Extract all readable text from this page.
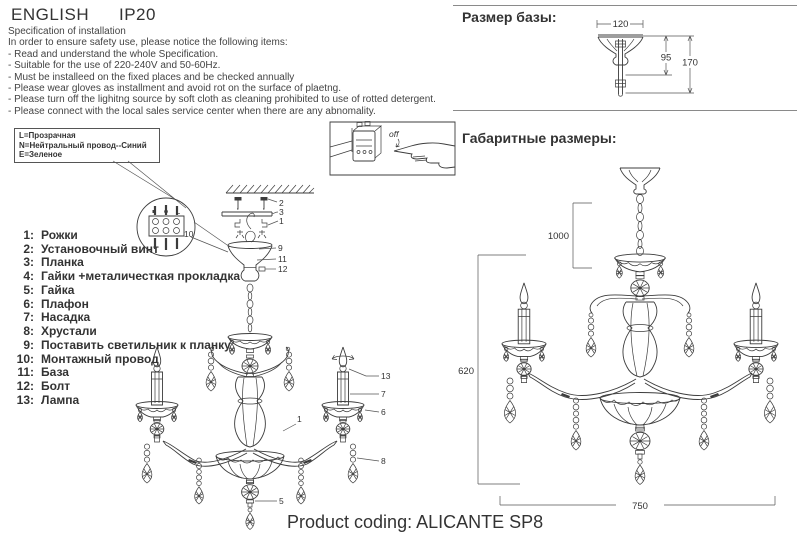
ENGLISH IP20
Specification of installation
In order to ensure safety use, please notice the following items:
- Read and understand the whole Specification.
- Suitable for the use of 220-240V and 50-60Hz.
- Must be installeed on the fixed places and be checked annually
- Please wear gloves as installment and avoid rot on the surface of plaetng.
- Please turn off the lighitng source by soft cloth as cleaning prohibited to use of rotted detergent.
- Please connect with the local sales service center when there are any abnomality.
L=Прозрачная
N=Нейтральный провод--Синий
E=Зеленое
1: Рожки
2: Установочный винт
3: Планка
4: Гайки +металичесткая прокладка
5: Гайка
6: Плафон
7: Насадка
8: Хрустали
9: Поставить светильник к планку
10: Монтажный провод
11: База
12: Болт
13: Лампа
L
10
off
2
3
1
9
11
12
5
1
13
7
6
8
Размер базы:
Габаритные размеры:
120
95 170
1000
620
750
Product coding: ALICANTE SP8
